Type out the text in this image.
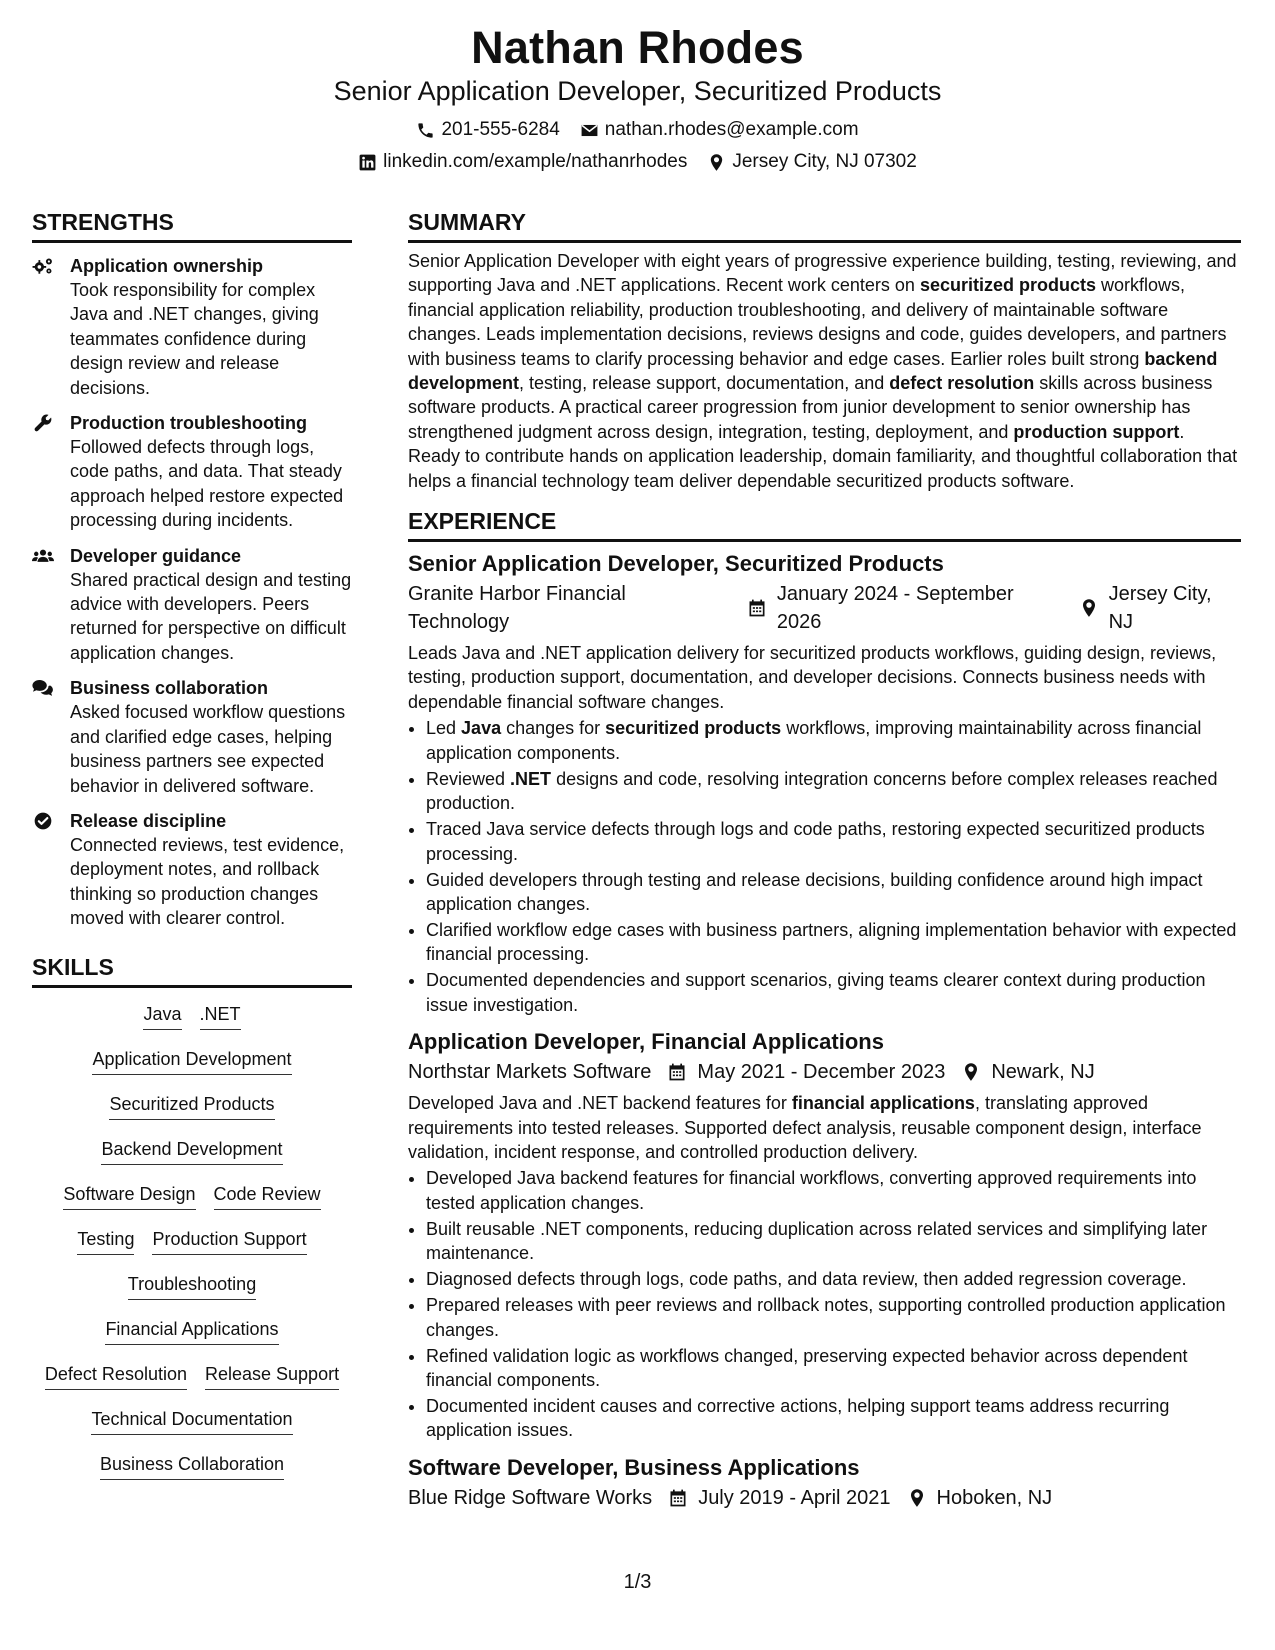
Nathan Rhodes
Senior Application Developer, Securitized Products
201-555-6284 nathan.rhodes@example.com
linkedin.com/example/nathanrhodes Jersey City, NJ 07302
STRENGTHS
Application ownership
Took responsibility for complex Java and .NET changes, giving teammates confidence during design review and release decisions.
Production troubleshooting
Followed defects through logs, code paths, and data. That steady approach helped restore expected processing during incidents.
Developer guidance
Shared practical design and testing advice with developers. Peers returned for perspective on difficult application changes.
Business collaboration
Asked focused workflow questions and clarified edge cases, helping business partners see expected behavior in delivered software.
Release discipline
Connected reviews, test evidence, deployment notes, and rollback thinking so production changes moved with clearer control.
SKILLS
Java .NET
Application Development
Securitized Products
Backend Development
Software Design Code Review
Testing Production Support
Troubleshooting
Financial Applications
Defect Resolution Release Support
Technical Documentation
Business Collaboration
SUMMARY
Senior Application Developer with eight years of progressive experience building, testing, reviewing, and supporting Java and .NET applications. Recent work centers on securitized products workflows, financial application reliability, production troubleshooting, and delivery of maintainable software changes. Leads implementation decisions, reviews designs and code, guides developers, and partners with business teams to clarify processing behavior and edge cases. Earlier roles built strong backend development, testing, release support, documentation, and defect resolution skills across business software products. A practical career progression from junior development to senior ownership has strengthened judgment across design, integration, testing, deployment, and production support. Ready to contribute hands on application leadership, domain familiarity, and thoughtful collaboration that helps a financial technology team deliver dependable securitized products software.
EXPERIENCE
Senior Application Developer, Securitized Products
Granite Harbor Financial Technology
January 2024 - September 2026
Jersey City, NJ
Leads Java and .NET application delivery for securitized products workflows, guiding design, reviews, testing, production support, documentation, and developer decisions. Connects business needs with dependable financial software changes.
• Led Java changes for securitized products workflows, improving maintainability across financial application components.
• Reviewed .NET designs and code, resolving integration concerns before complex releases reached production.
• Traced Java service defects through logs and code paths, restoring expected securitized products processing.
• Guided developers through testing and release decisions, building confidence around high impact application changes.
• Clarified workflow edge cases with business partners, aligning implementation behavior with expected financial processing.
• Documented dependencies and support scenarios, giving teams clearer context during production issue investigation.
Application Developer, Financial Applications
Northstar Markets Software May 2021 - December 2023 Newark, NJ
Developed Java and .NET backend features for financial applications, translating approved requirements into tested releases. Supported defect analysis, reusable component design, interface validation, incident response, and controlled production delivery.
• Developed Java backend features for financial workflows, converting approved requirements into tested application changes.
• Built reusable .NET components, reducing duplication across related services and simplifying later maintenance.
• Diagnosed defects through logs, code paths, and data review, then added regression coverage.
• Prepared releases with peer reviews and rollback notes, supporting controlled production application changes.
• Refined validation logic as workflows changed, preserving expected behavior across dependent financial components.
• Documented incident causes and corrective actions, helping support teams address recurring application issues.
Software Developer, Business Applications
Blue Ridge Software Works July 2019 - April 2021 Hoboken, NJ
1/3
